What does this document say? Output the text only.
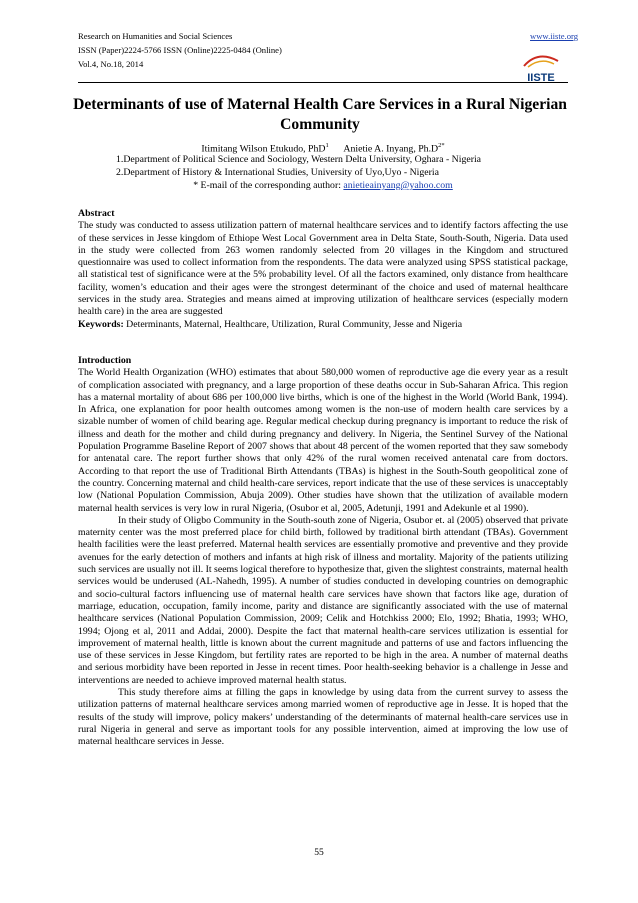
Research on Humanities and Social Sciences
ISSN (Paper)2224-5766 ISSN (Online)2225-0484 (Online)
Vol.4, No.18, 2014
www.iiste.org
IISTE
Determinants of use of Maternal Health Care Services in a Rural Nigerian Community
Itimitang Wilson Etukudo, PhD$^1$ Anietie A. Inyang, $Ph.D^{2*}$
1.Department of Political Science and Sociology, Western Delta University, Oghara - Nigeria
2.Department of History & International Studies, University of Uyo,Uyo - Nigeria
* E-mail of the corresponding author: anietieainyang@yahoo.com

Abstract

The study was conducted to assess utilization pattern of maternal healthcare services and to identify factors affecting the use of these services in Jesse kingdom of Ethiope West Local Government area in Delta State, South-South, Nigeria. Data used in the study were collected from 263 women randomly selected from 20 villages in the Kingdom and structured questionnaire was used to collect information from the respondents. The data were analyzed using SPSS statistical package, all statistical test of significance were at the 5% probability level. Of all the factors examined, only distance from healthcare facility, women’s education and their ages were the strongest determinant of the choice and used of maternal healthcare services in the study area. Strategies and means aimed at improving utilization of healthcare services (especially modern health care) in the area are suggested

Keywords: Determinants, Maternal, Healthcare, Utilization, Rural Community, Jesse and Nigeria

Introduction

The World Health Organization (WHO) estimates that about 580,000 women of reproductive age die every year as a result of complication associated with pregnancy, and a large proportion of these deaths occur in Sub-Saharan Africa. This region has a maternal mortality of about 686 per 100,000 live births, which is one of the highest in the World (World Bank, 1994). In Africa, one explanation for poor health outcomes among women is the non-use of modern health care services by a sizable number of women of child bearing age. Regular medical checkup during pregnancy is important to reduce the risk of illness and death for the mother and child during pregnancy and delivery. In Nigeria, the Sentinel Survey of the National Population Programme Baseline Report of 2007 shows that about 48 percent of the women reported that they saw somebody for antenatal care. The report further shows that only 42% of the rural women received antenatal care from doctors. According to that report the use of Traditional Birth Attendants (TBAs) is highest in the South-South geopolitical zone of the country. Concerning maternal and child health-care services, report indicate that the use of these services is unacceptably low (National Population Commission, Abuja 2009). Other studies have shown that the utilization of available modern maternal health services is very low in rural Nigeria, (Osubor et al, 2005, Adetunji, 1991 and Adekunle et al 1990).

In their study of Oligbo Community in the South-south zone of Nigeria, Osubor et. al (2005) observed that private maternity center was the most preferred place for child birth, followed by traditional birth attendant (TBAs). Government health facilities were the least preferred. Maternal health services are essentially promotive and preventive and they provide avenues for the early detection of mothers and infants at high risk of illness and mortality. Majority of the patients utilizing such services are usually not ill. It seems logical therefore to hypothesize that, given the slightest constraints, maternal health services would be underused (AL-Nahedh, 1995). A number of studies conducted in developing countries on demographic and socio-cultural factors influencing use of maternal health care services have shown that factors like age, duration of marriage, education, occupation, family income, parity and distance are significantly associated with the use of maternal healthcare services (National Population Commission, 2009; Celik and Hotchkiss 2000; Elo, 1992; Bhatia, 1993; WHO, 1994; Ojong et al, 2011 and Addai, 2000). Despite the fact that maternal health-care services utilization is essential for improvement of maternal health, little is known about the current magnitude and patterns of use and factors influencing the use of these services in Jesse Kingdom, but fertility rates are reported to be high in the area. A number of maternal deaths and serious morbidity have been reported in Jesse in recent times. Poor health-seeking behavior is a challenge in Jesse and interventions are needed to achieve improved maternal health status.

This study therefore aims at filling the gaps in knowledge by using data from the current survey to assess the utilization patterns of maternal healthcare services among married women of reproductive age in Jesse. It is hoped that the results of the study will improve, policy makers’ understanding of the determinants of maternal health-care services use in rural Nigeria in general and serve as important tools for any possible intervention, aimed at improving the low use of maternal healthcare services in Jesse.

55
